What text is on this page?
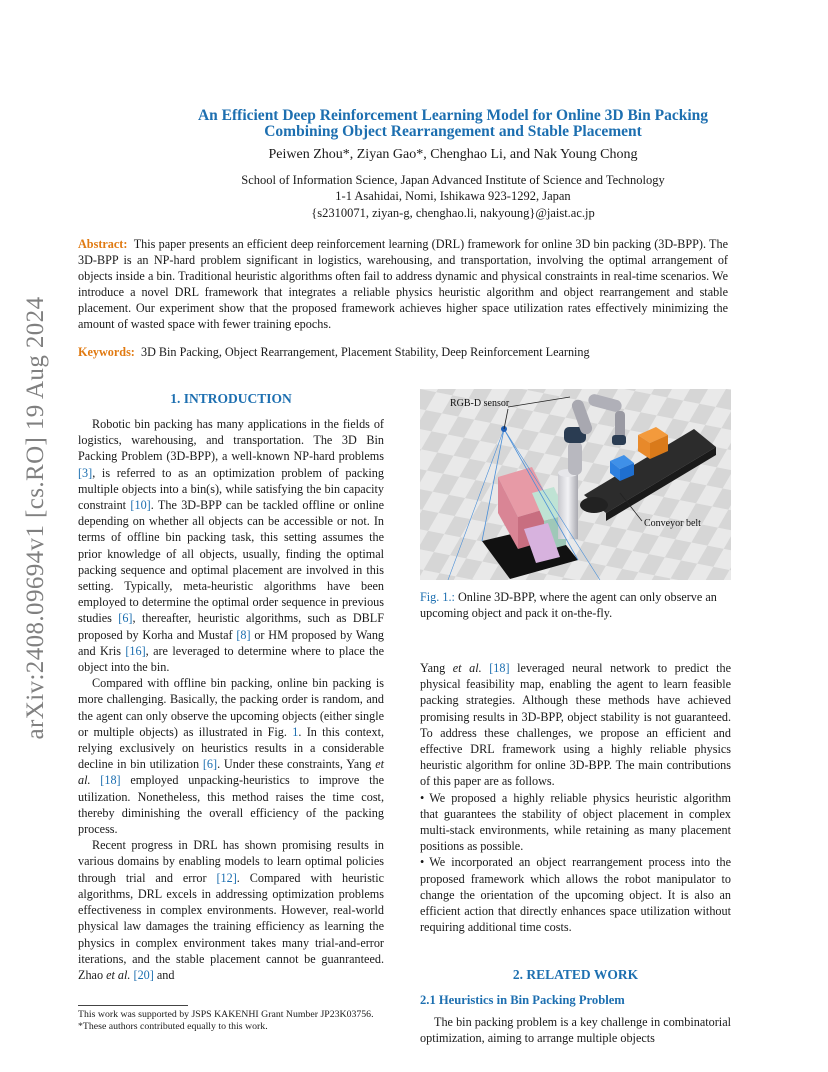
arXiv:2408.09694v1 [cs.RO] 19 Aug 2024
An Efficient Deep Reinforcement Learning Model for Online 3D Bin Packing
Combining Object Rearrangement and Stable Placement
Peiwen Zhou*, Ziyan Gao*, Chenghao Li, and Nak Young Chong
School of Information Science, Japan Advanced Institute of Science and Technology
1-1 Asahidai, Nomi, Ishikawa 923-1292, Japan
{s2310071, ziyan-g, chenghao.li, nakyoung}@jaist.ac.jp
Abstract: This paper presents an efficient deep reinforcement learning (DRL) framework for online 3D bin packing (3D-BPP). The 3D-BPP is an NP-hard problem significant in logistics, warehousing, and transportation, involving the optimal arrangement of objects inside a bin. Traditional heuristic algorithms often fail to address dynamic and physical constraints in real-time scenarios. We introduce a novel DRL framework that integrates a reliable physics heuristic algorithm and object rearrangement and stable placement. Our experiment show that the proposed framework achieves higher space utilization rates effectively minimizing the amount of wasted space with fewer training epochs.
Keywords: 3D Bin Packing, Object Rearrangement, Placement Stability, Deep Reinforcement Learning
1. INTRODUCTION

Robotic bin packing has many applications in the fields of logistics, warehousing, and transportation. The 3D Bin Packing Problem (3D-BPP), a well-known NP-hard problems [3], is referred to as an optimization problem of packing multiple objects into a bin(s), while satisfying the bin capacity constraint [10]. The 3D-BPP can be tackled offline or online depending on whether all objects can be accessible or not. In terms of offline bin packing task, this setting assumes the prior knowledge of all objects, usually, finding the optimal packing sequence and optimal placement are involved in this setting. Typically, meta-heuristic algorithms have been employed to determine the optimal order sequence in previous studies [6], thereafter, heuristic algorithms, such as DBLF proposed by Korha and Mustaf [8] or HM proposed by Wang and Kris [16], are leveraged to determine where to place the object into the bin.

Compared with offline bin packing, online bin packing is more challenging. Basically, the packing order is random, and the agent can only observe the upcoming objects (either single or multiple objects) as illustrated in Fig. 1. In this context, relying exclusively on heuristics results in a considerable decline in bin utilization [6]. Under these constraints, Yang et al. [18] employed unpacking-heuristics to improve the utilization. Nonetheless, this method raises the time cost, thereby diminishing the overall efficiency of the packing process.

Recent progress in DRL has shown promising results in various domains by enabling models to learn optimal policies through trial and error [12]. Compared with heuristic algorithms, DRL excels in addressing optimization problems effectiveness in complex environments. However, real-world physical law damages the training efficiency as learning the physics in complex environment takes many trial-and-error iterations, and the stable placement cannot be guanranteed. Zhao et al. [20] and

This work was supported by JSPS KAKENHI Grant Number JP23K03756.
*These authors contributed equally to this work.
RGB-D sensor
Conveyor belt
Fig. 1.: Online 3D-BPP, where the agent can only observe an upcoming object and pack it on-the-fly.

Yang et al. [18] leveraged neural network to predict the physical feasibility map, enabling the agent to learn feasible packing strategies. Although these methods have achieved promising results in 3D-BPP, object stability is not guaranteed. To address these challenges, we propose an efficient and effective DRL framework using a highly reliable physics heuristic algorithm for online 3D-BPP. The main contributions of this paper are as follows.

• We proposed a highly reliable physics heuristic algorithm that guarantees the stability of object placement in complex multi-stack environments, while retaining as many placement positions as possible.
• We incorporated an object rearrangement process into the proposed framework which allows the robot manipulator to change the orientation of the upcoming object. It is also an efficient action that directly enhances space utilization without requiring additional time costs.
2. RELATED WORK
2.1 Heuristics in Bin Packing Problem

The bin packing problem is a key challenge in combinatorial optimization, aiming to arrange multiple objects
